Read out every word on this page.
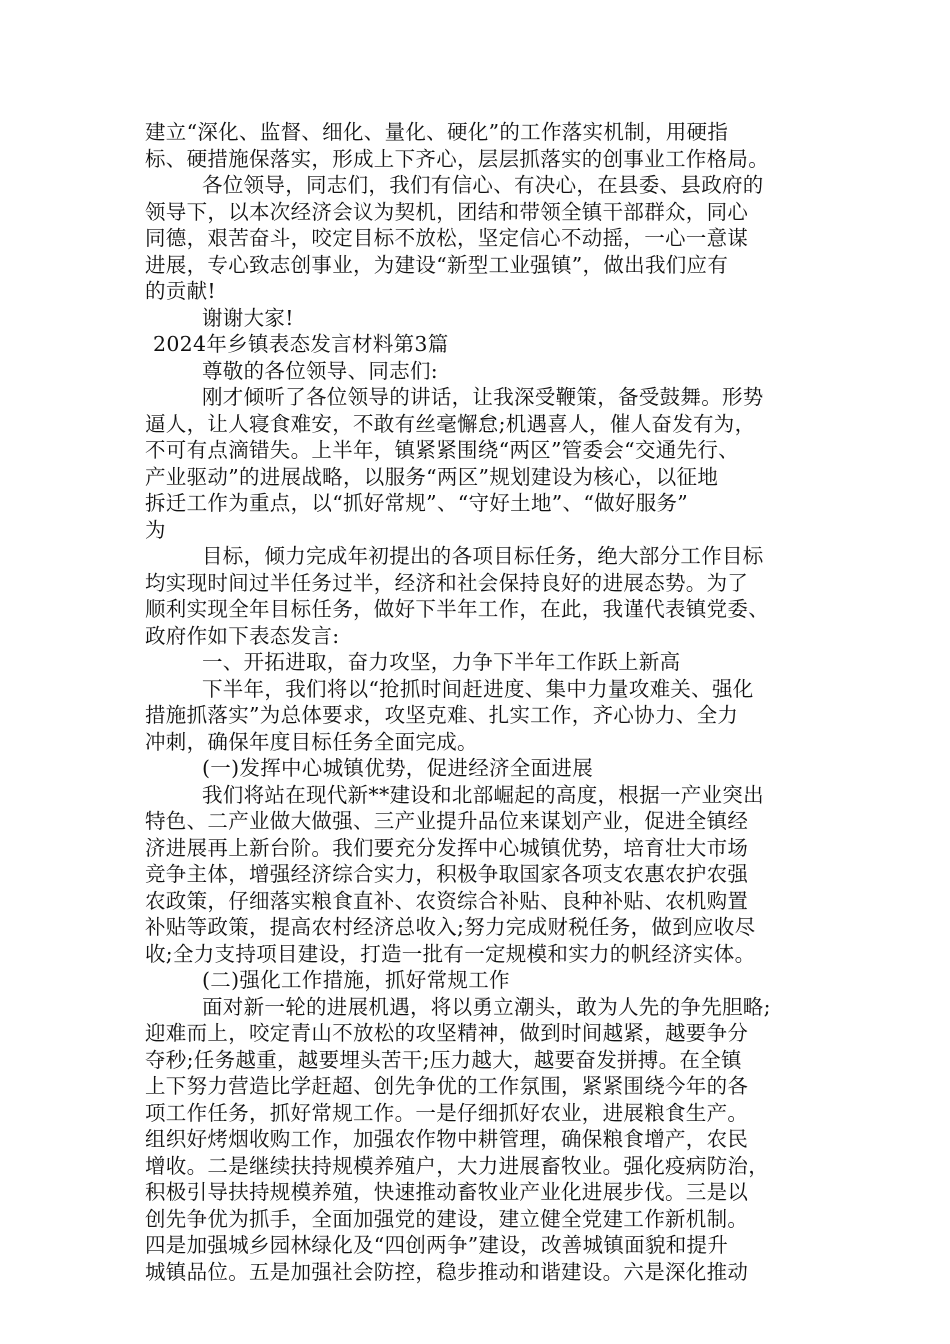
建立“深化、监督、细化、量化、硬化”的工作落实机制，用硬指
标、硬措施保落实，形成上下齐心，层层抓落实的创事业工作格局。
各位领导，同志们，我们有信心、有决心，在县委、县政府的
领导下，以本次经济会议为契机，团结和带领全镇干部群众，同心
同德，艰苦奋斗，咬定目标不放松，坚定信心不动摇，一心一意谋
进展，专心致志创事业，为建设“新型工业强镇”，做出我们应有
的贡献!
谢谢大家!
2024年乡镇表态发言材料第3篇
尊敬的各位领导、同志们:
刚才倾听了各位领导的讲话，让我深受鞭策，备受鼓舞。形势
逼人，让人寝食难安，不敢有丝毫懈怠;机遇喜人，催人奋发有为，
不可有点滴错失。上半年，镇紧紧围绕“两区”管委会“交通先行、
产业驱动”的进展战略，以服务“两区”规划建设为核心，以征地
拆迁工作为重点，以“抓好常规”、“守好土地”、“做好服务”
为
目标，倾力完成年初提出的各项目标任务，绝大部分工作目标
均实现时间过半任务过半，经济和社会保持良好的进展态势。为了
顺利实现全年目标任务，做好下半年工作，在此，我谨代表镇党委、
政府作如下表态发言:
一、开拓进取，奋力攻坚，力争下半年工作跃上新高
下半年，我们将以“抢抓时间赶进度、集中力量攻难关、强化
措施抓落实”为总体要求，攻坚克难、扎实工作，齐心协力、全力
冲刺，确保年度目标任务全面完成。
(一)发挥中心城镇优势，促进经济全面进展
我们将站在现代新**建设和北部崛起的高度，根据一产业突出
特色、二产业做大做强、三产业提升品位来谋划产业，促进全镇经
济进展再上新台阶。我们要充分发挥中心城镇优势，培育壮大市场
竞争主体，增强经济综合实力，积极争取国家各项支农惠农护农强
农政策，仔细落实粮食直补、农资综合补贴、良种补贴、农机购置
补贴等政策，提高农村经济总收入;努力完成财税任务，做到应收尽
收;全力支持项目建设，打造一批有一定规模和实力的帆经济实体。
(二)强化工作措施，抓好常规工作
面对新一轮的进展机遇，将以勇立潮头，敢为人先的争先胆略;
迎难而上，咬定青山不放松的攻坚精神，做到时间越紧，越要争分
夺秒;任务越重，越要埋头苦干;压力越大，越要奋发拼搏。在全镇
上下努力营造比学赶超、创先争优的工作氛围，紧紧围绕今年的各
项工作任务，抓好常规工作。一是仔细抓好农业，进展粮食生产。
组织好烤烟收购工作，加强农作物中耕管理，确保粮食增产，农民
增收。二是继续扶持规模养殖户，大力进展畜牧业。强化疫病防治，
积极引导扶持规模养殖，快速推动畜牧业产业化进展步伐。三是以
创先争优为抓手，全面加强党的建设，建立健全党建工作新机制。
四是加强城乡园林绿化及“四创两争”建设，改善城镇面貌和提升
城镇品位。五是加强社会防控，稳步推动和谐建设。六是深化推动
